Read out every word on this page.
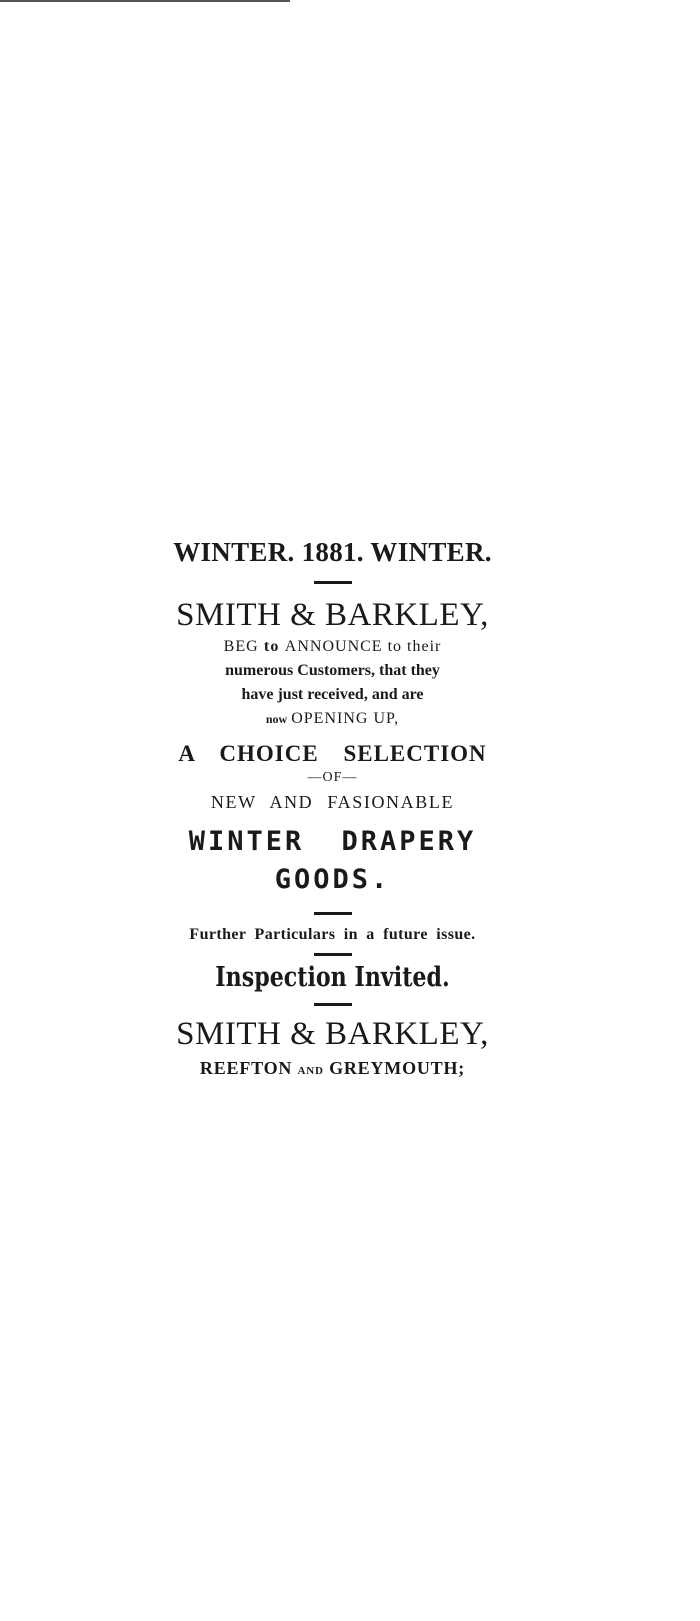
WINTER. 1881. WINTER.
SMITH & BARKLEY,
BEG to ANNOUNCE to their
numerous Customers, that they
have just received, and are
now OPENING UP,
A CHOICE SELECTION
—OF—
NEW AND FASIONABLE
WINTER DRAPERY
GOODS.
Further Particulars in a future issue.
Inspection Invited.
SMITH & BARKLEY,
REEFTON AND GREYMOUTH;
